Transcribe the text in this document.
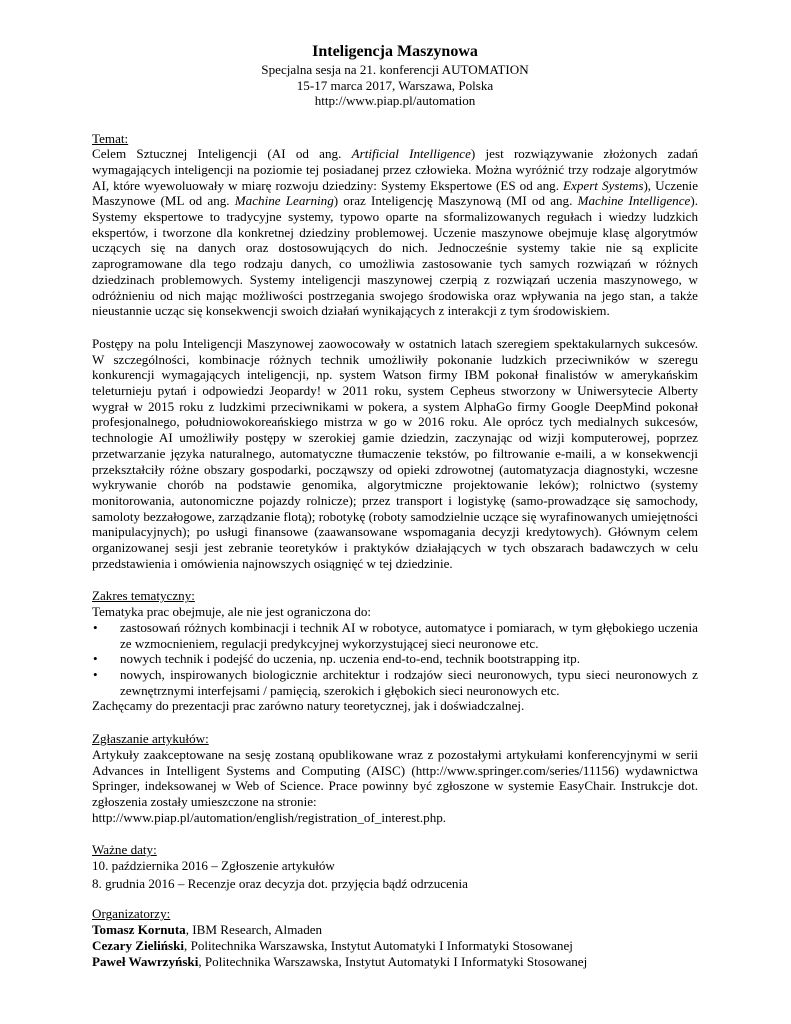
Inteligencja Maszynowa
Specjalna sesja na 21. konferencji AUTOMATION
15-17 marca 2017, Warszawa, Polska
http://www.piap.pl/automation

Temat:

Celem Sztucznej Inteligencji (AI od ang. Artificial Intelligence) jest rozwiązywanie złożonych zadań wymagających inteligencji na poziomie tej posiadanej przez człowieka. Można wyróżnić trzy rodzaje algorytmów AI, które wyewoluowały w miarę rozwoju dziedziny: Systemy Ekspertowe (ES od ang. Expert Systems), Uczenie Maszynowe (ML od ang. Machine Learning) oraz Inteligencję Maszynową (MI od ang. Machine Intelligence). Systemy ekspertowe to tradycyjne systemy, typowo oparte na sformalizowanych regułach i wiedzy ludzkich ekspertów, i tworzone dla konkretnej dziedziny problemowej. Uczenie maszynowe obejmuje klasę algorytmów uczących się na danych oraz dostosowujących do nich. Jednocześnie systemy takie nie są explicite zaprogramowane dla tego rodzaju danych, co umożliwia zastosowanie tych samych rozwiązań w różnych dziedzinach problemowych. Systemy inteligencji maszynowej czerpią z rozwiązań uczenia maszynowego, w odróżnieniu od nich mając możliwości postrzegania swojego środowiska oraz wpływania na jego stan, a także nieustannie ucząc się konsekwencji swoich działań wynikających z interakcji z tym środowiskiem.

Postępy na polu Inteligencji Maszynowej zaowocowały w ostatnich latach szeregiem spektakularnych sukcesów. W szczególności, kombinacje różnych technik umożliwiły pokonanie ludzkich przeciwników w szeregu konkurencji wymagających inteligencji, np. system Watson firmy IBM pokonał finalistów w amerykańskim teleturnieju pytań i odpowiedzi Jeopardy! w 2011 roku, system Cepheus stworzony w Uniwersytecie Alberty wygrał w 2015 roku z ludzkimi przeciwnikami w pokera, a system AlphaGo firmy Google DeepMind pokonał profesjonalnego, południowokoreańskiego mistrza w go w 2016 roku. Ale oprócz tych medialnych sukcesów, technologie AI umożliwiły postępy w szerokiej gamie dziedzin, zaczynając od wizji komputerowej, poprzez przetwarzanie języka naturalnego, automatyczne tłumaczenie tekstów, po filtrowanie e-maili, a w konsekwencji przekształciły różne obszary gospodarki, począwszy od opieki zdrowotnej (automatyzacja diagnostyki, wczesne wykrywanie chorób na podstawie genomika, algorytmiczne projektowanie leków); rolnictwo (systemy monitorowania, autonomiczne pojazdy rolnicze); przez transport i logistykę (samo-prowadzące się samochody, samoloty bezzałogowe, zarządzanie flotą); robotykę (roboty samodzielnie uczące się wyrafinowanych umiejętności manipulacyjnych); po usługi finansowe (zaawansowane wspomagania decyzji kredytowych). Głównym celem organizowanej sesji jest zebranie teoretyków i praktyków działających w tych obszarach badawczych w celu przedstawienia i omówienia najnowszych osiągnięć w tej dziedzinie.

Zakres tematyczny:

Tematyka prac obejmuje, ale nie jest ograniczona do:

• zastosowań różnych kombinacji i technik AI w robotyce, automatyce i pomiarach, w tym głębokiego uczenia ze wzmocnieniem, regulacji predykcyjnej wykorzystującej sieci neuronowe etc.
• nowych technik i podejść do uczenia, np. uczenia end-to-end, technik bootstrapping itp.
• nowych, inspirowanych biologicznie architektur i rodzajów sieci neuronowych, typu sieci neuronowych z zewnętrznymi interfejsami / pamięcią, szerokich i głębokich sieci neuronowych etc.

Zachęcamy do prezentacji prac zarówno natury teoretycznej, jak i doświadczalnej.

Zgłaszanie artykułów:

Artykuły zaakceptowane na sesję zostaną opublikowane wraz z pozostałymi artykułami konferencyjnymi w serii Advances in Intelligent Systems and Computing (AISC) (http://www.springer.com/series/11156) wydawnictwa Springer, indeksowanej w Web of Science. Prace powinny być zgłoszone w systemie EasyChair. Instrukcje dot. zgłoszenia zostały umieszczone na stronie:

http://www.piap.pl/automation/english/registration_of_interest.php.

Ważne daty:

10. października 2016 – Zgłoszenie artykułów

8. grudnia 2016 – Recenzje oraz decyzja dot. przyjęcia bądź odrzucenia

Organizatorzy:

Tomasz Kornuta, IBM Research, Almaden

Cezary Zieliński, Politechnika Warszawska, Instytut Automatyki I Informatyki Stosowanej

Paweł Wawrzyński, Politechnika Warszawska, Instytut Automatyki I Informatyki Stosowanej
